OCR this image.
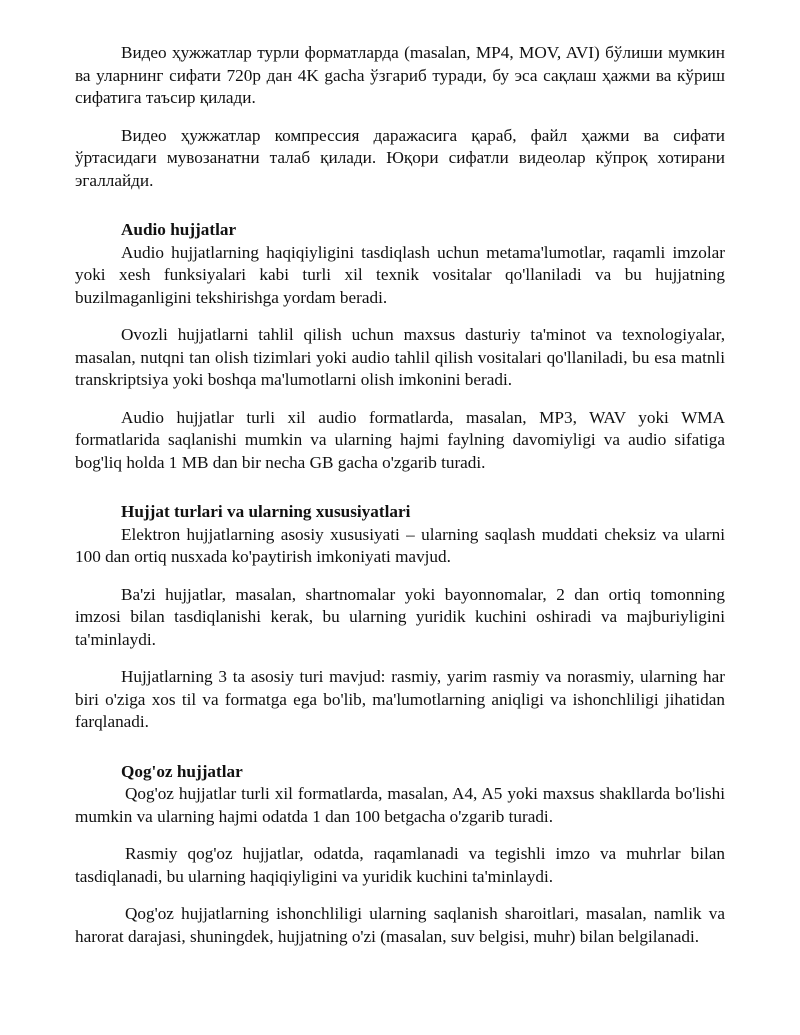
Видео ҳужжатлар турли форматларда (masalan, MP4, MOV, AVI) бўлиши мумкин ва уларнинг сифати 720p дан 4K gacha ўзгариб туради, бу эса сақлаш ҳажми ва кўриш сифатига таъсир қилади.

Видео ҳужжатлар компрессия даражасига қараб, файл ҳажми ва сифати ўртасидаги мувозанатни талаб қилади. Юқори сифатли видеолар кўпроқ хотирани эгаллайди.

Audio hujjatlar

Audio hujjatlarning haqiqiyligini tasdiqlash uchun metama'lumotlar, raqamli imzolar yoki xesh funksiyalari kabi turli xil texnik vositalar qo'llaniladi va bu hujjatning buzilmaganligini tekshirishga yordam beradi.

Ovozli hujjatlarni tahlil qilish uchun maxsus dasturiy ta'minot va texnologiyalar, masalan, nutqni tan olish tizimlari yoki audio tahlil qilish vositalari qo'llaniladi, bu esa matnli transkriptsiya yoki boshqa ma'lumotlarni olish imkonini beradi.

Audio hujjatlar turli xil audio formatlarda, masalan, MP3, WAV yoki WMA formatlarida saqlanishi mumkin va ularning hajmi faylning davomiyligi va audio sifatiga bog'liq holda 1 MB dan bir necha GB gacha o'zgarib turadi.

Hujjat turlari va ularning xususiyatlari

Elektron hujjatlarning asosiy xususiyati – ularning saqlash muddati cheksiz va ularni 100 dan ortiq nusxada ko'paytirish imkoniyati mavjud.

Ba'zi hujjatlar, masalan, shartnomalar yoki bayonnomalar, 2 dan ortiq tomonning imzosi bilan tasdiqlanishi kerak, bu ularning yuridik kuchini oshiradi va majburiyligini ta'minlaydi.

Hujjatlarning 3 ta asosiy turi mavjud: rasmiy, yarim rasmiy va norasmiy, ularning har biri o'ziga xos til va formatga ega bo'lib, ma'lumotlarning aniqligi va ishonchliligi jihatidan farqlanadi.

Qog'oz hujjatlar

Qog'oz hujjatlar turli xil formatlarda, masalan, A4, A5 yoki maxsus shakllarda bo'lishi mumkin va ularning hajmi odatda 1 dan 100 betgacha o'zgarib turadi.

Rasmiy qog'oz hujjatlar, odatda, raqamlanadi va tegishli imzo va muhrlar bilan tasdiqlanadi, bu ularning haqiqiyligini va yuridik kuchini ta'minlaydi.

Qog'oz hujjatlarning ishonchliligi ularning saqlanish sharoitlari, masalan, namlik va harorat darajasi, shuningdek, hujjatning o'zi (masalan, suv belgisi, muhr) bilan belgilanadi.
